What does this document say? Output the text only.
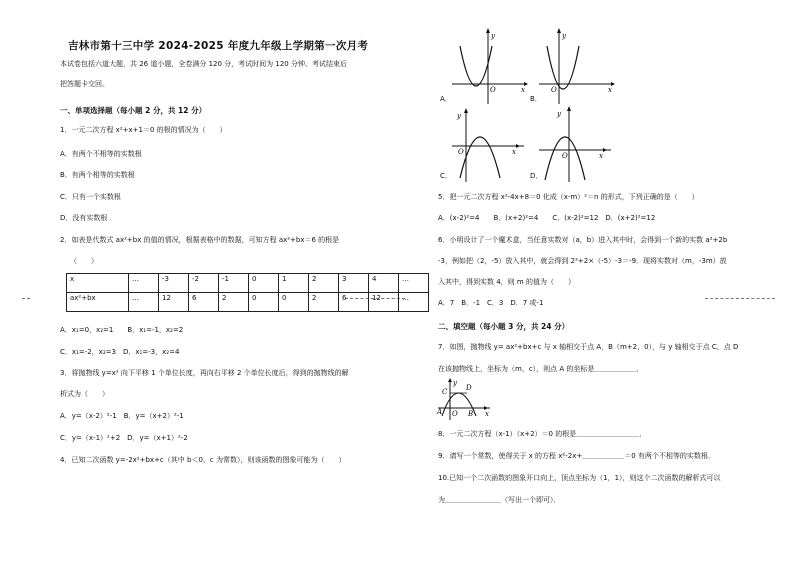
吉林市第十三中学 2024-2025 年度九年级上学期第一次月考
本试卷包括六道大题，共 26 道小题，全卷满分 120 分，考试时间为 120 分钟。考试结束后
把答题卡交回。
一、单项选择题（每小题 2 分，共 12 分）
1．一元二次方程 x²+x+1＝0 的根的情况为（　　）
A．有两个不相等的实数根
B．有两个相等的实数根
C．只有一个实数根
D．没有实数根
2．如表是代数式 ax²+bx 的值的情况，根据表格中的数据，可知方程 ax²+bx＝6 的根是
（　　）
x	…	-3	-2	-1	0	1	2	3	4	…
ax²+bx	…	12	6	2	0	0	2	6	12	…
A．x₁=0，x₂=1　　B．x₁=-1，x₂=2
C．x₁=-2，x₂=3　D．x₁=-3，x₂=4
3．将抛物线 y=x² 向下平移 1 个单位长度，再向右平移 2 个单位长度后，得到的抛物线的解
析式为（　　）
A．y=（x-2）²-1　B．y=（x+2）²-1
C．y=（x-1）²+2　D．y=（x+1）²-2
4．已知二次函数 y=-2x²+bx+c（其中 b＜0，c 为常数），则该函数的图象可能为（　　）
A．
y
x
O
B．
y
x
O
C．
y
x
O
D．
y
x
O
5．把一元二次方程 x²-4x+8＝0 化成（x-m）²＝n 的形式，下列正确的是（　　）
A．(x-2)²=4　　B．(x+2)²=4　　C．(x-2)²=12　D．(x+2)²=12
6．小明设计了一个魔术盒，当任意实数对（a，b）进入其中时，会得到一个新的实数 a²+2b
-3，例如把（2，-5）放入其中，就会得到 2²+2×（-5）-3＝-9．现将实数对（m，-3m）放
入其中，得到实数 4，则 m 的值为（　　）
A．7　B．-1　C．3　D．7 或-1
二、填空题（每小题 3 分，共 24 分）
7．如图，抛物线 y= ax²+bx+c 与 x 轴相交于点 A，B（m+2，0），与 y 轴相交于点 C，点 D
在该抛物线上，坐标为（m，c），则点 A 的坐标是＿＿＿＿＿＿．
A	B
C	D
O	x
y
8．一元二次方程（x-1）（x+2）＝0 的根是＿＿＿＿＿＿＿＿＿．
9．请写一个常数，使得关于 x 的方程 x²-2x+＿＿＿＿＿＿＝0 有两个不相等的实数根．
10.已知一个二次函数的图象开口向上，顶点坐标为（1，1），则这个二次函数的解析式可以
为＿＿＿＿＿＿＿＿（写出一个即可）．
